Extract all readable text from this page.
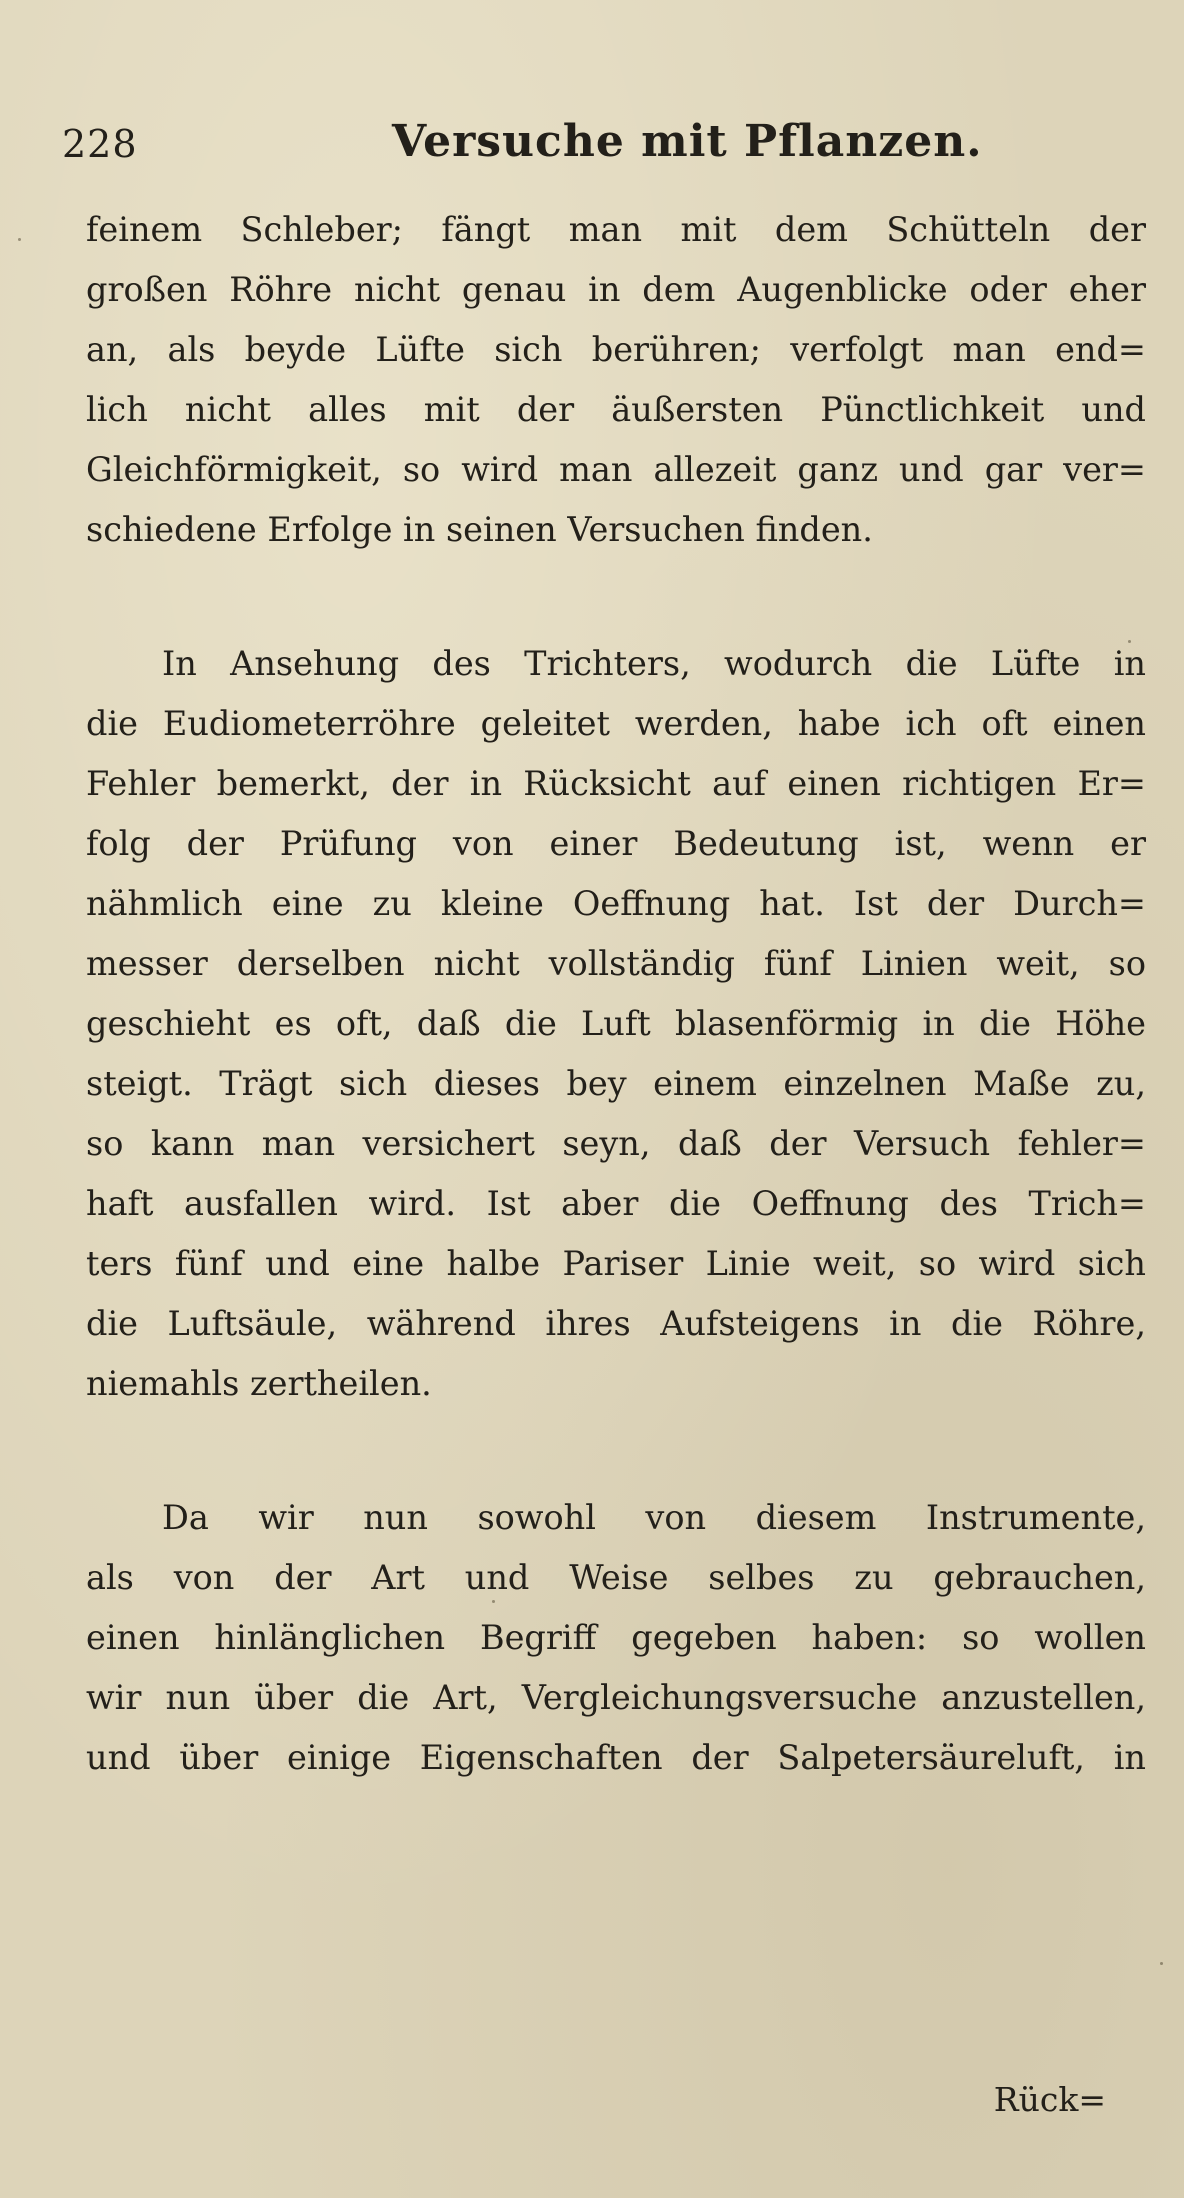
228	Versuche mit Pflanzen.
feinem Schleber; fängt man mit dem Schütteln der
großen Röhre nicht genau in dem Augenblicke oder eher
an, als beyde Lüfte sich berühren; verfolgt man end=
lich nicht alles mit der äußersten Pünctlichkeit und
Gleichförmigkeit, so wird man allezeit ganz und gar ver=
schiedene Erfolge in seinen Versuchen finden.
In Ansehung des Trichters, wodurch die Lüfte in
die Eudiometerröhre geleitet werden, habe ich oft einen
Fehler bemerkt, der in Rücksicht auf einen richtigen Er=
folg der Prüfung von einer Bedeutung ist, wenn er
nähmlich eine zu kleine Oeffnung hat. Ist der Durch=
messer derselben nicht vollständig fünf Linien weit, so
geschieht es oft, daß die Luft blasenförmig in die Höhe
steigt. Trägt sich dieses bey einem einzelnen Maße zu,
so kann man versichert seyn, daß der Versuch fehler=
haft ausfallen wird. Ist aber die Oeffnung des Trich=
ters fünf und eine halbe Pariser Linie weit, so wird sich
die Luftsäule, während ihres Aufsteigens in die Röhre,
niemahls zertheilen.
Da wir nun sowohl von diesem Instrumente,
als von der Art und Weise selbes zu gebrauchen,
einen hinlänglichen Begriff gegeben haben: so wollen
wir nun über die Art, Vergleichungsversuche anzustellen,
und über einige Eigenschaften der Salpetersäureluft, in
Rück=
